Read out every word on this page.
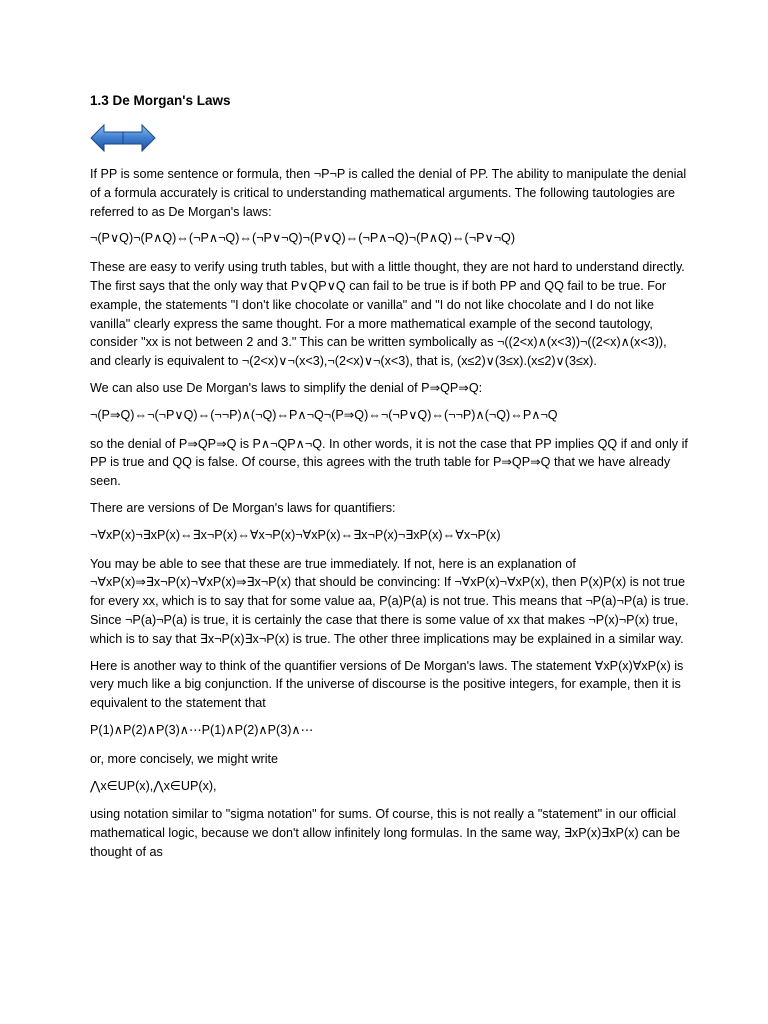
1.3 De Morgan's Laws

If PP is some sentence or formula, then ¬P¬P is called the denial of PP. The ability to manipulate the denial of a formula accurately is critical to understanding mathematical arguments. The following tautologies are referred to as De Morgan's laws:

¬(P∨Q)¬(P∧Q)⇔(¬P∧¬Q)⇔(¬P∨¬Q)¬(P∨Q)⇔(¬P∧¬Q)¬(P∧Q)⇔(¬P∨¬Q)

These are easy to verify using truth tables, but with a little thought, they are not hard to understand directly. The first says that the only way that P∨QP∨Q can fail to be true is if both PP and QQ fail to be true. For example, the statements "I don't like chocolate or vanilla" and "I do not like chocolate and I do not like vanilla" clearly express the same thought. For a more mathematical example of the second tautology, consider "xx is not between 2 and 3." This can be written symbolically as ¬((2<x)∧(x<3))¬((2<x)∧(x<3)), and clearly is equivalent to ¬(2<x)∨¬(x<3),¬(2<x)∨¬(x<3), that is, (x≤2)∨(3≤x).(x≤2)∨(3≤x).

We can also use De Morgan's laws to simplify the denial of P⇒QP⇒Q:

¬(P⇒Q)⇔¬(¬P∨Q)⇔(¬¬P)∧(¬Q)⇔P∧¬Q¬(P⇒Q)⇔¬(¬P∨Q)⇔(¬¬P)∧(¬Q)⇔P∧¬Q

so the denial of P⇒QP⇒Q is P∧¬QP∧¬Q. In other words, it is not the case that PP implies QQ if and only if PP is true and QQ is false. Of course, this agrees with the truth table for P⇒QP⇒Q that we have already seen.

There are versions of De Morgan's laws for quantifiers:

¬∀xP(x)¬∃xP(x)⇔∃x¬P(x)⇔∀x¬P(x)¬∀xP(x)⇔∃x¬P(x)¬∃xP(x)⇔∀x¬P(x)

You may be able to see that these are true immediately. If not, here is an explanation of ¬∀xP(x)⇒∃x¬P(x)¬∀xP(x)⇒∃x¬P(x) that should be convincing: If ¬∀xP(x)¬∀xP(x), then P(x)P(x) is not true for every xx, which is to say that for some value aa, P(a)P(a) is not true. This means that ¬P(a)¬P(a) is true. Since ¬P(a)¬P(a) is true, it is certainly the case that there is some value of xx that makes ¬P(x)¬P(x) true, which is to say that ∃x¬P(x)∃x¬P(x) is true. The other three implications may be explained in a similar way.

Here is another way to think of the quantifier versions of De Morgan's laws. The statement ∀xP(x)∀xP(x) is very much like a big conjunction. If the universe of discourse is the positive integers, for example, then it is equivalent to the statement that

P(1)∧P(2)∧P(3)∧⋯P(1)∧P(2)∧P(3)∧⋯

or, more concisely, we might write

⋀x∈UP(x),⋀x∈UP(x),

using notation similar to "sigma notation" for sums. Of course, this is not really a "statement" in our official mathematical logic, because we don't allow infinitely long formulas. In the same way, ∃xP(x)∃xP(x) can be thought of as
